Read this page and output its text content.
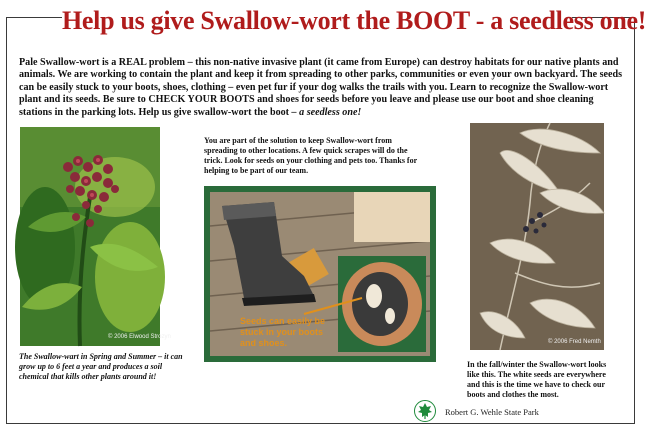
Help us give Swallow-wort the BOOT - a seedless one!

Pale Swallow-wort is a REAL problem – this non-native invasive plant (it came from Europe) can destroy habitats for our native plants and animals. We are working to contain the plant and keep it from spreading to other parks, communities or even your own backyard. The seeds can be easily stuck to your boots, shoes, clothing – even pet fur if your dog walks the trails with you. Learn to recognize the Swallow-wort plant and its seeds. Be sure to CHECK YOUR BOOTS and shoes for seeds before you leave and please use our boot and shoe cleaning stations in the parking lots. Help us give swallow-wort the boot – a seedless one!

© 2006 Elwood Strozyn

The Swallow-wart in Spring and Summer – it can grow up to 6 feet a year and produces a soil chemical that kills other plants around it!

You are part of the solution to keep Swallow-wort from spreading to other locations. A few quick scrapes will do the trick. Look for seeds on your clothing and pets too. Thanks for helping to be part of our team.

Seeds can easily be stuck in your boots and shoes.	© 2006 Fred Nemth

In the fall/winter the Swallow-wort looks like this. The white seeds are everywhere and this is the time we have to check our boots and clothes the most.

Robert G. Wehle State Park
